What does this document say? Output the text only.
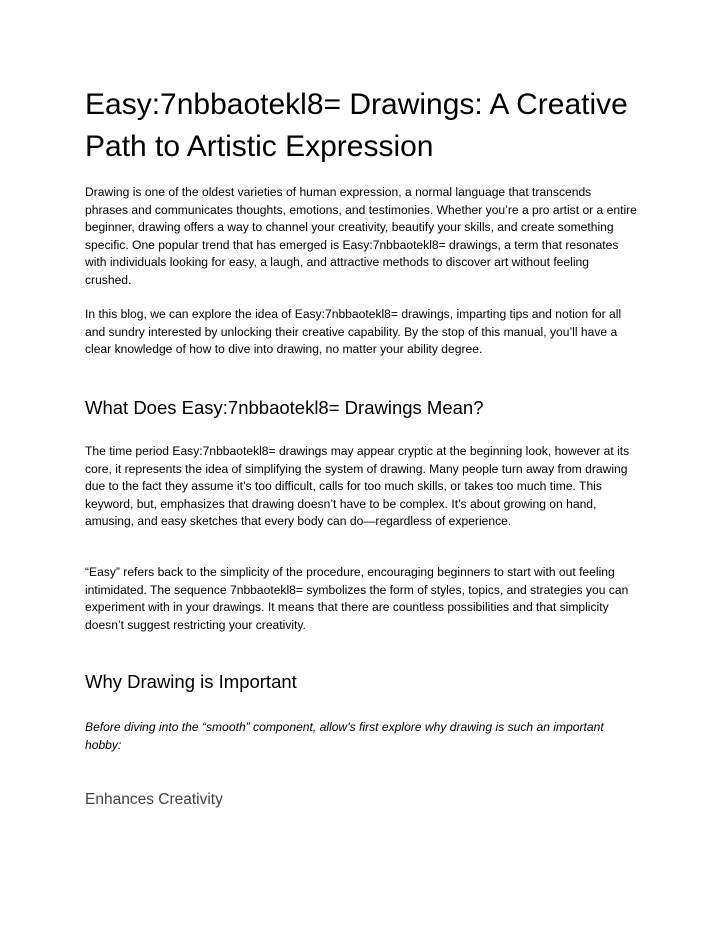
Easy:7nbbaotekl8= Drawings: A Creative Path to Artistic Expression

Drawing is one of the oldest varieties of human expression, a normal language that transcends phrases and communicates thoughts, emotions, and testimonies. Whether you’re a pro artist or a entire beginner, drawing offers a way to channel your creativity, beautify your skills, and create something specific. One popular trend that has emerged is Easy:7nbbaotekl8= drawings, a term that resonates with individuals looking for easy, a laugh, and attractive methods to discover art without feeling crushed.

In this blog, we can explore the idea of Easy:7nbbaotekl8= drawings, imparting tips and notion for all and sundry interested by unlocking their creative capability. By the stop of this manual, you’ll have a clear knowledge of how to dive into drawing, no matter your ability degree.

What Does Easy:7nbbaotekl8= Drawings Mean?

The time period Easy:7nbbaotekl8= drawings may appear cryptic at the beginning look, however at its core, it represents the idea of simplifying the system of drawing. Many people turn away from drawing due to the fact they assume it’s too difficult, calls for too much skills, or takes too much time. This keyword, but, emphasizes that drawing doesn’t have to be complex. It’s about growing on hand, amusing, and easy sketches that every body can do—regardless of experience.

“Easy” refers back to the simplicity of the procedure, encouraging beginners to start with out feeling intimidated. The sequence 7nbbaotekl8= symbolizes the form of styles, topics, and strategies you can experiment with in your drawings. It means that there are countless possibilities and that simplicity doesn’t suggest restricting your creativity.

Why Drawing is Important

Before diving into the “smooth” component, allow’s first explore why drawing is such an important hobby:

Enhances Creativity
